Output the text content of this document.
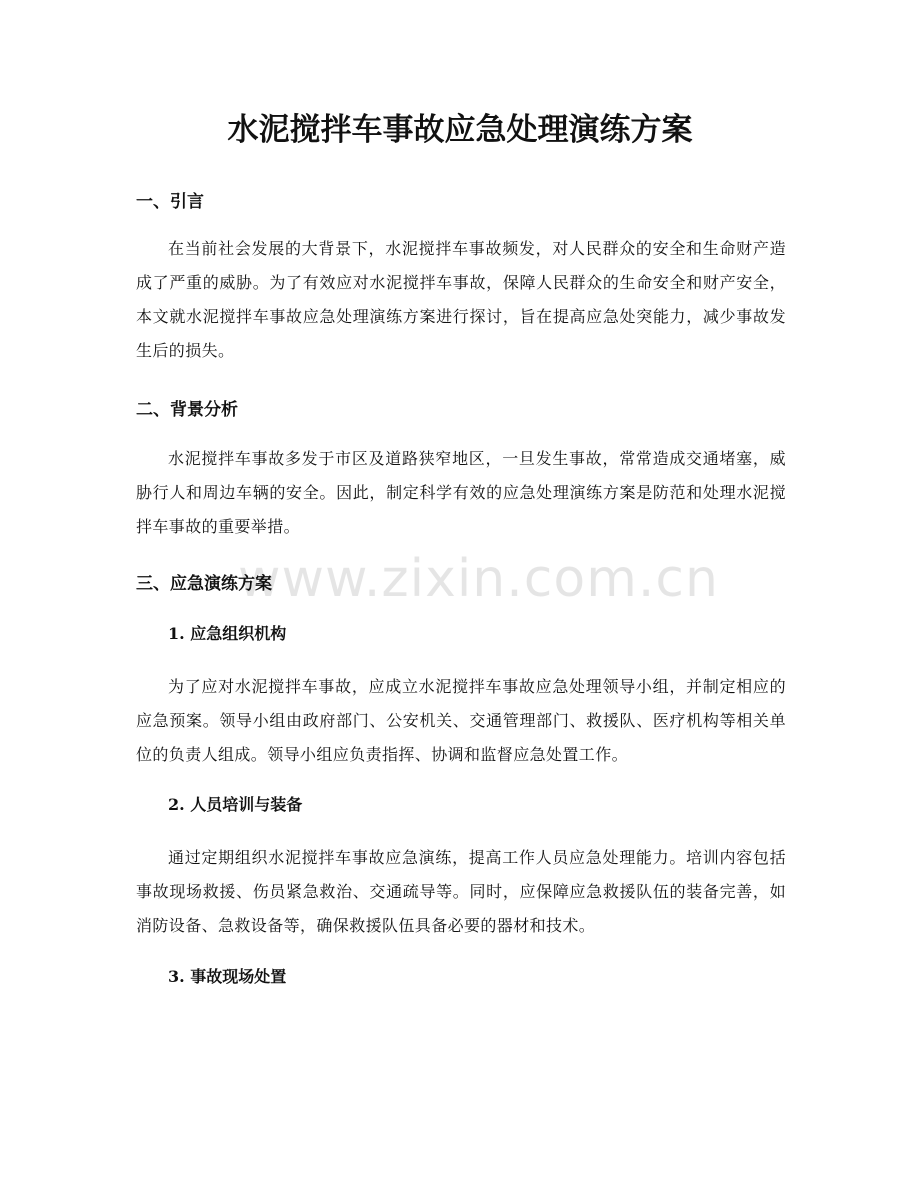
水泥搅拌车事故应急处理演练方案
一、引言

在当前社会发展的大背景下，水泥搅拌车事故频发，对人民群众的安全和生命财产造成了严重的威胁。为了有效应对水泥搅拌车事故，保障人民群众的生命安全和财产安全，本文就水泥搅拌车事故应急处理演练方案进行探讨，旨在提高应急处突能力，减少事故发生后的损失。

二、背景分析

水泥搅拌车事故多发于市区及道路狭窄地区，一旦发生事故，常常造成交通堵塞，威胁行人和周边车辆的安全。因此，制定科学有效的应急处理演练方案是防范和处理水泥搅拌车事故的重要举措。

三、应急演练方案
1. 应急组织机构

为了应对水泥搅拌车事故，应成立水泥搅拌车事故应急处理领导小组，并制定相应的应急预案。领导小组由政府部门、公安机关、交通管理部门、救援队、医疗机构等相关单位的负责人组成。领导小组应负责指挥、协调和监督应急处置工作。

2. 人员培训与装备

通过定期组织水泥搅拌车事故应急演练，提高工作人员应急处理能力。培训内容包括事故现场救援、伤员紧急救治、交通疏导等。同时，应保障应急救援队伍的装备完善，如消防设备、急救设备等，确保救援队伍具备必要的器材和技术。

3. 事故现场处置
www.zixin.com.cn
